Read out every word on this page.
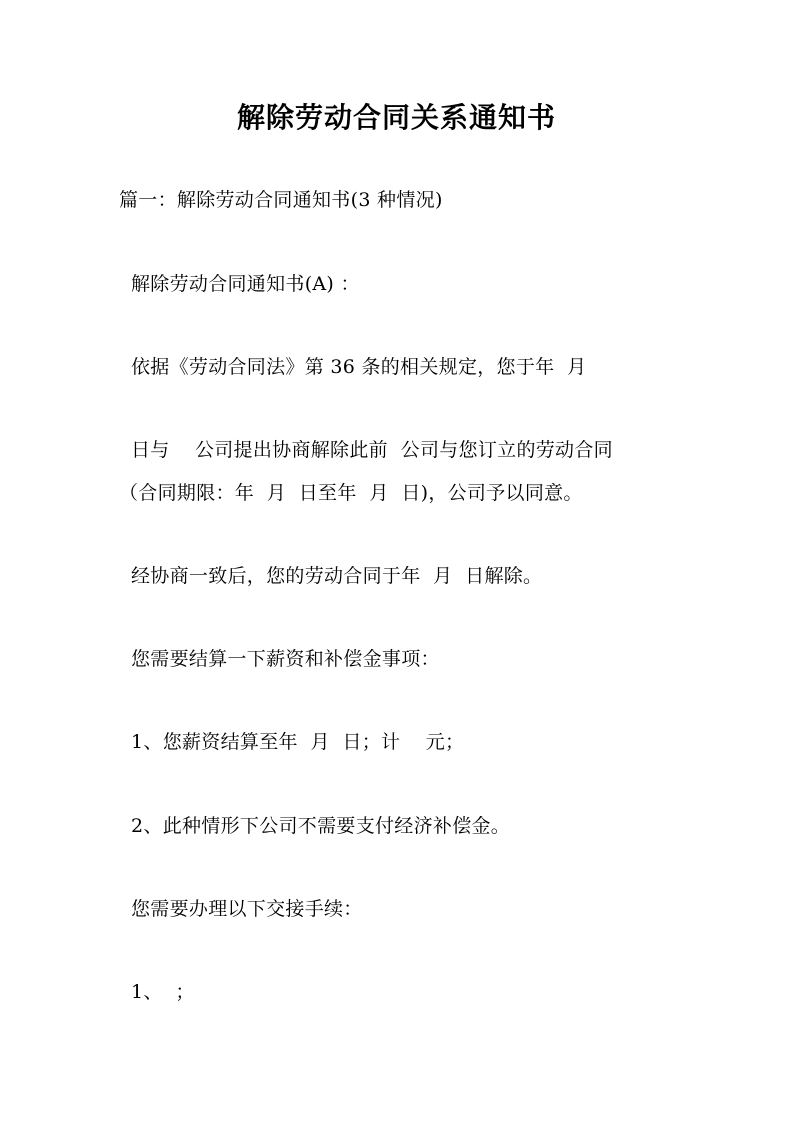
解除劳动合同关系通知书
篇一：解除劳动合同通知书(3 种情况)
解除劳动合同通知书(A) ：
依据《劳动合同法》第 36 条的相关规定，您于年  月
日与    公司提出协商解除此前  公司与您订立的劳动合同
（合同期限：年  月  日至年  月  日)，公司予以同意。
经协商一致后，您的劳动合同于年  月  日解除。
您需要结算一下薪资和补偿金事项：
1、您薪资结算至年  月  日；计    元；
2、此种情形下公司不需要支付经济补偿金。
您需要办理以下交接手续：
1、  ；
